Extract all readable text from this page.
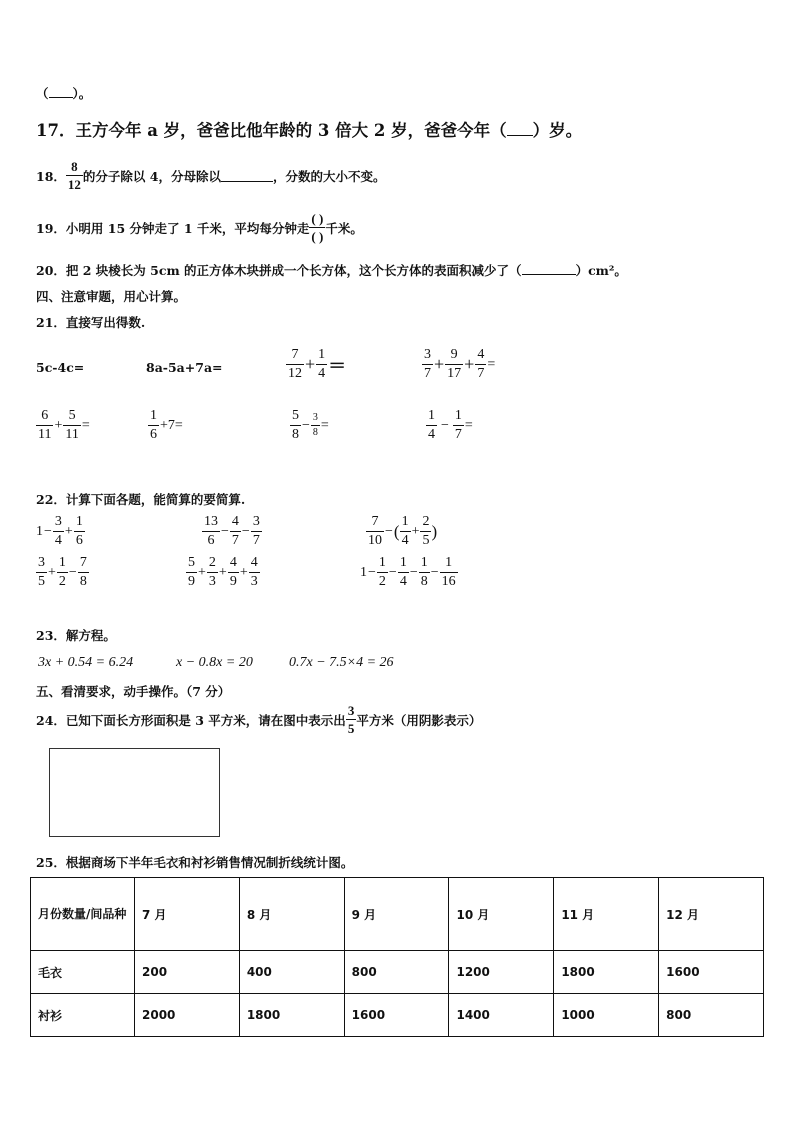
（ ）。
17．王方今年 a 岁，爸爸比他年龄的 3 倍大 2 岁，爸爸今年（ ）岁。
18． $\frac{8}{12}$ 的分子除以 4，分母除以	，分数的大小不变。
19． 小明用 15 分钟走了 1 千米，平均每分钟走 $\frac{( )}{( )}$ 千米。
20．把 2 块棱长为 5cm 的正方体木块拼成一个长方体，这个长方体的表面积减少了（	）cm²。
四、注意审题，用心计算。
21．直接写出得数.
5c-4c=	8a-5a+7a=	$\frac{7}{12} + \frac{1}{4}$ ＝	$\frac{3}{7} + \frac{9}{17} + \frac{4}{7}$ =
$\frac{6}{11} + \frac{5}{11}$ =	$\frac{1}{6} +7=$	$\frac{5}{8} - \frac{3}{8}$ =	$\frac{1}{4} - \frac{1}{7}$ =
22．计算下面各题，能简算的要简算.
$1 - \frac{3}{4} + \frac{1}{6}$	$\frac{13}{6} - \frac{4}{7} - \frac{3}{7}$	$\frac{7}{10}$ − ( $\frac{1}{4} + \frac{2}{5}$ )
$\frac{3}{5} + \frac{1}{2} - \frac{7}{8}$	$\frac{5}{9} + \frac{2}{3} + \frac{4}{9} + \frac{4}{3}$	$1 - \frac{1}{2} - \frac{1}{4} - \frac{1}{8} - \frac{1}{16}$
23．解方程。
3x + 0.54 = 6.24	x − 0.8x = 20	0.7x − 7.5×4 = 26
五、看清要求，动手操作。（7 分）
24．已知下面长方形面积是 3 平方米，请在图中表示出 $\frac{3}{5}$ 平方米（用阴影表示）
25．根据商场下半年毛衣和衬衫销售情况制折线统计图。
月份数量/间品种	7 月	8 月	9 月	10 月	11 月	12 月
毛衣	200	400	800	1200	1800	1600
衬衫	2000	1800	1600	1400	1000	800
